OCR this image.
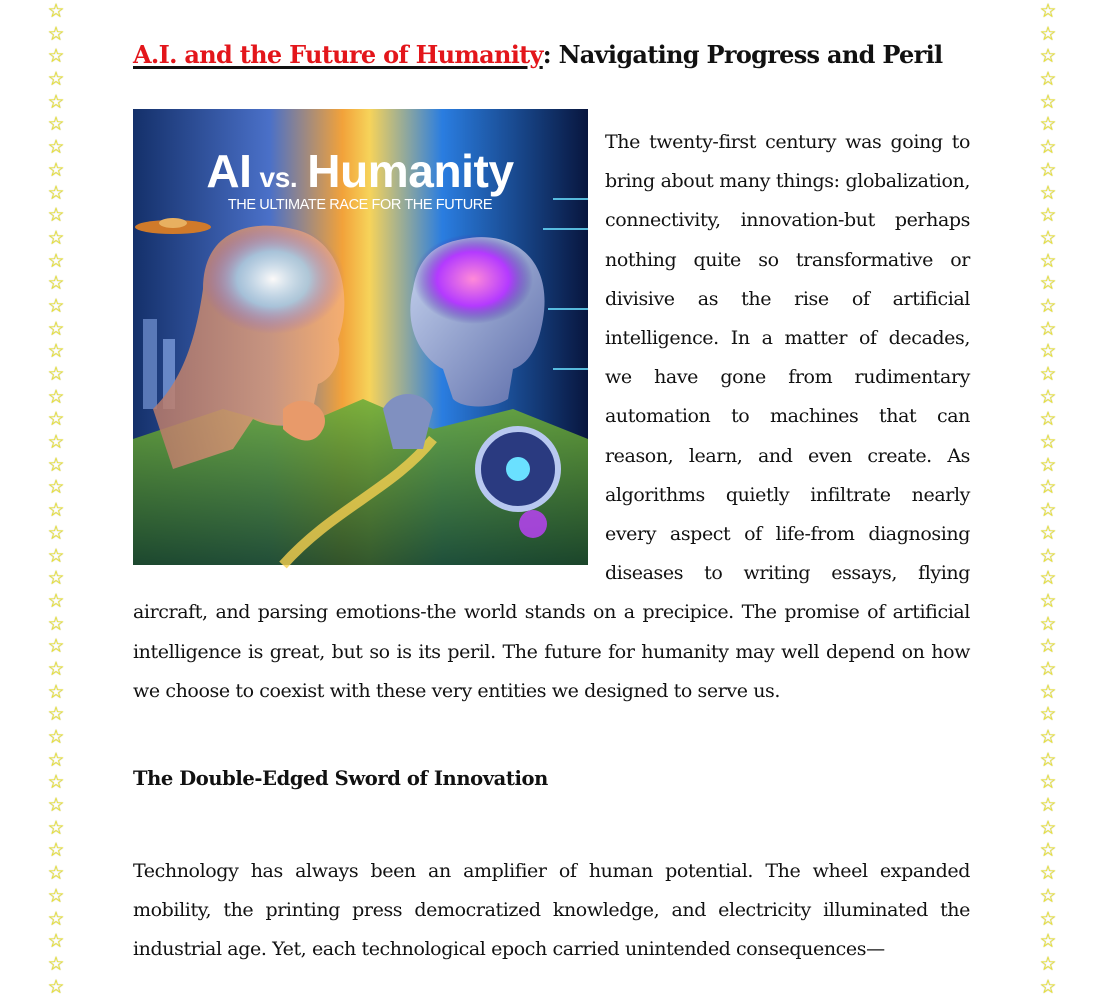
☆
☆
☆
☆
☆
☆
☆
☆
☆
☆
☆
☆
☆
☆
☆
☆
☆
☆
☆
☆
☆
☆
☆
☆
☆
☆
☆
☆
☆
☆
☆
☆
☆
☆
☆
☆
☆
☆
☆
☆
☆
☆
☆
☆
☆
☆
☆
☆
☆
☆
☆
☆
☆
☆
☆
☆
☆
☆
☆
☆
☆
☆
☆
☆
☆
☆
☆
☆
☆
☆
☆
☆
☆
☆
☆
☆
☆
☆
☆
☆
☆
☆
☆
☆
☆
☆
☆
☆
A.I. and the Future of Humanity: Navigating Progress and Peril

AI vs. Humanity
THE ULTIMATE RACE FOR THE FUTURE
The twenty-first century was going to bring about many things: globalization, connectivity, innovation-but perhaps nothing quite so transformative or divisive as the rise of artificial intelligence. In a matter of decades, we have gone from rudimentary automation to machines that can reason, learn, and even create. As algorithms quietly infiltrate nearly every aspect of life-from diagnosing diseases to writing essays, flying aircraft, and parsing emotions-the world stands on a precipice. The promise of artificial intelligence is great, but so is its peril. The future for humanity may well depend on how we choose to coexist with these very entities we designed to serve us.

The Double-Edged Sword of Innovation

Technology has always been an amplifier of human potential. The wheel expanded mobility, the printing press democratized knowledge, and electricity illuminated the industrial age. Yet, each technological epoch carried unintended consequences—
